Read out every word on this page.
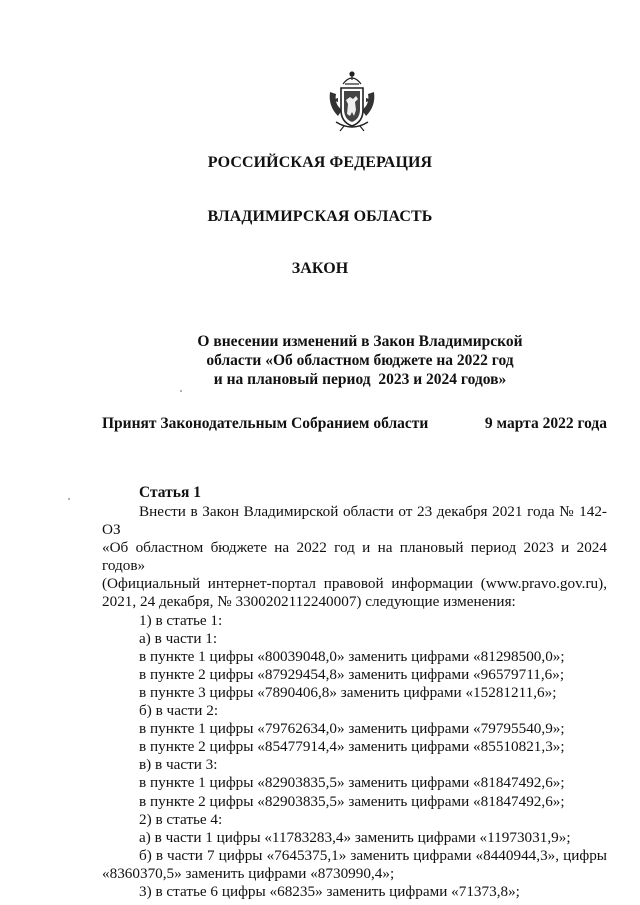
РОССИЙСКАЯ ФЕДЕРАЦИЯ
ВЛАДИМИРСКАЯ ОБЛАСТЬ
ЗАКОН
О внесении изменений в Закон Владимирской
области «Об областном бюджете на 2022 год
и на плановый период  2023 и 2024 годов»
Принят Законодательным Собранием области	9 марта 2022 года
Статья 1

Внести в Закон Владимирской области от 23 декабря 2021 года № 142-ОЗ

«Об областном бюджете на 2022 год и на плановый период 2023 и 2024 годов»

(Официальный интернет-портал правовой информации (www.pravo.gov.ru),

2021, 24 декабря, № 3300202112240007) следующие изменения:

1) в статье 1:

а) в части 1:

в пункте 1 цифры «80039048,0» заменить цифрами «81298500,0»;

в пункте 2 цифры «87929454,8» заменить цифрами «96579711,6»;

в пункте 3 цифры «7890406,8» заменить цифрами «15281211,6»;

б) в части 2:

в пункте 1 цифры «79762634,0» заменить цифрами «79795540,9»;

в пункте 2 цифры «85477914,4» заменить цифрами «85510821,3»;

в) в части 3:

в пункте 1 цифры «82903835,5» заменить цифрами «81847492,6»;

в пункте 2 цифры «82903835,5» заменить цифрами «81847492,6»;

2) в статье 4:

а) в части 1 цифры «11783283,4» заменить цифрами «11973031,9»;

б) в части 7 цифры «7645375,1» заменить цифрами «8440944,3», цифры

«8360370,5» заменить цифрами «8730990,4»;

3) в статье 6 цифры «68235» заменить цифрами «71373,8»;
